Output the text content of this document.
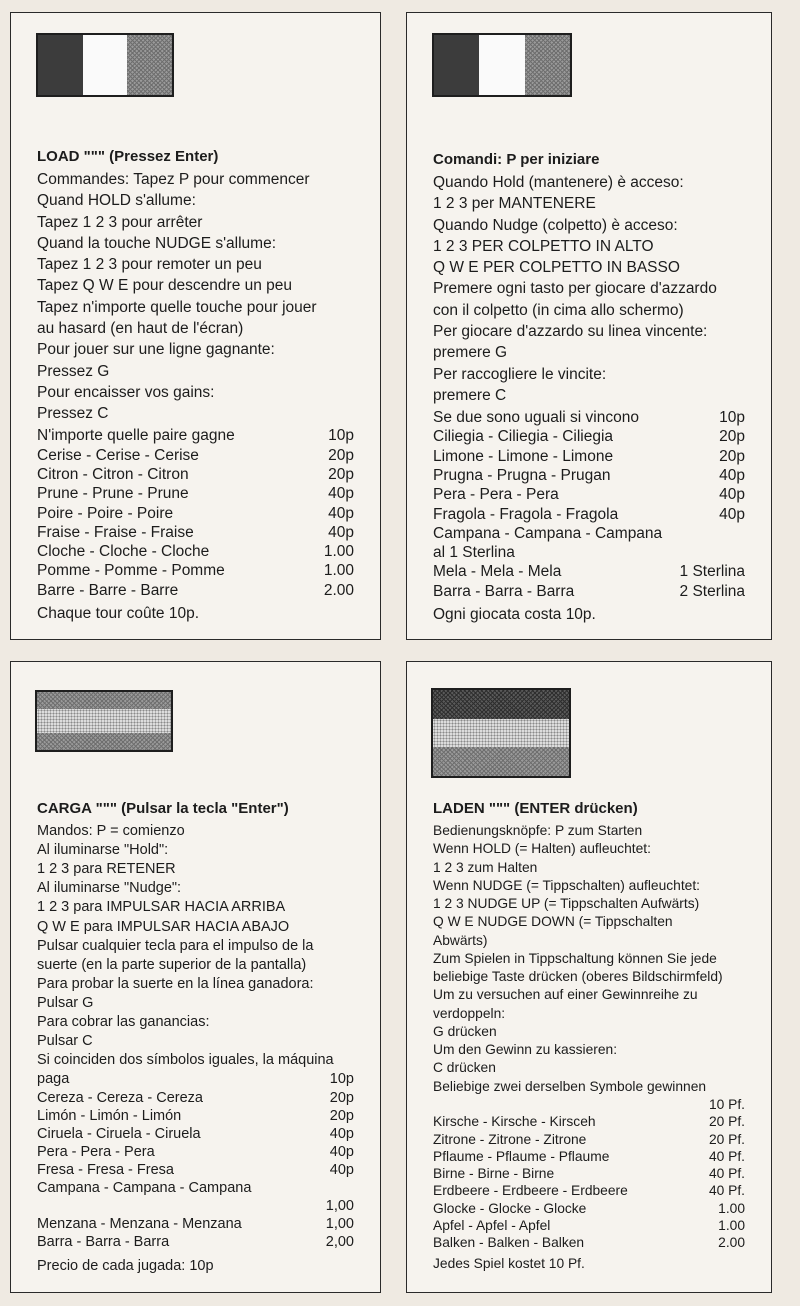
LOAD """ (Pressez Enter)
Commandes: Tapez P pour commencer
Quand HOLD s'allume:
Tapez 1 2 3 pour arrêter
Quand la touche NUDGE s'allume:
Tapez 1 2 3 pour remoter un peu
Tapez Q W E pour descendre un peu
Tapez n'importe quelle touche pour jouer
au hasard (en haut de l'écran)
Pour jouer sur une ligne gagnante:
Pressez G
Pour encaisser vos gains:
Pressez C
N'importe quelle paire gagne	10p
Cerise - Cerise - Cerise	20p
Citron - Citron - Citron	20p
Prune - Prune - Prune	40p
Poire - Poire - Poire	40p
Fraise - Fraise - Fraise	40p
Cloche - Cloche - Cloche	1.00
Pomme - Pomme - Pomme	1.00
Barre - Barre - Barre	2.00
Chaque tour coûte 10p.
Comandi: P per iniziare
Quando Hold (mantenere) è acceso:
1 2 3 per MANTENERE
Quando Nudge (colpetto) è acceso:
1 2 3 PER COLPETTO IN ALTO
Q W E PER COLPETTO IN BASSO
Premere ogni tasto per giocare d'azzardo
con il colpetto (in cima allo schermo)
Per giocare d'azzardo su linea vincente:
premere G
Per raccogliere le vincite:
premere C
Se due sono uguali si vincono	10p
Ciliegia - Ciliegia - Ciliegia	20p
Limone - Limone - Limone	20p
Prugna - Prugna - Prugan	40p
Pera - Pera - Pera	40p
Fragola - Fragola - Fragola	40p
Campana - Campana - Campana
al 1 Sterlina
Mela - Mela - Mela	1 Sterlina
Barra - Barra - Barra	2 Sterlina
Ogni giocata costa 10p.
CARGA """ (Pulsar la tecla "Enter")
Mandos: P = comienzo
Al iluminarse "Hold":
1 2 3 para RETENER
Al iluminarse "Nudge":
1 2 3 para IMPULSAR HACIA ARRIBA
Q W E para IMPULSAR HACIA ABAJO
Pulsar cualquier tecla para el impulso de la
suerte (en la parte superior de la pantalla)
Para probar la suerte en la línea ganadora:
Pulsar G
Para cobrar las ganancias:
Pulsar C
Si coinciden dos símbolos iguales, la máquina
paga	10p
Cereza - Cereza - Cereza	20p
Limón - Limón - Limón	20p
Ciruela - Ciruela - Ciruela	40p
Pera - Pera - Pera	40p
Fresa - Fresa - Fresa	40p
Campana - Campana - Campana
1,00
Menzana - Menzana - Menzana	1,00
Barra - Barra - Barra	2,00
Precio de cada jugada: 10p
LADEN """ (ENTER drücken)
Bedienungsknöpfe: P zum Starten
Wenn HOLD (= Halten) aufleuchtet:
1 2 3 zum Halten
Wenn NUDGE (= Tippschalten) aufleuchtet:
1 2 3 NUDGE UP (= Tippschalten Aufwärts)
Q W E NUDGE DOWN (= Tippschalten
Abwärts)
Zum Spielen in Tippschaltung können Sie jede
beliebige Taste drücken (oberes Bildschirmfeld)
Um zu versuchen auf einer Gewinnreihe zu
verdoppeln:
G drücken
Um den Gewinn zu kassieren:
C drücken
Beliebige zwei derselben Symbole gewinnen
10 Pf.
Kirsche - Kirsche - Kirsceh	20 Pf.
Zitrone - Zitrone - Zitrone	20 Pf.
Pflaume - Pflaume - Pflaume	40 Pf.
Birne - Birne - Birne	40 Pf.
Erdbeere - Erdbeere - Erdbeere	40 Pf.
Glocke - Glocke - Glocke	1.00
Apfel - Apfel - Apfel	1.00
Balken - Balken - Balken	2.00
Jedes Spiel kostet 10 Pf.
